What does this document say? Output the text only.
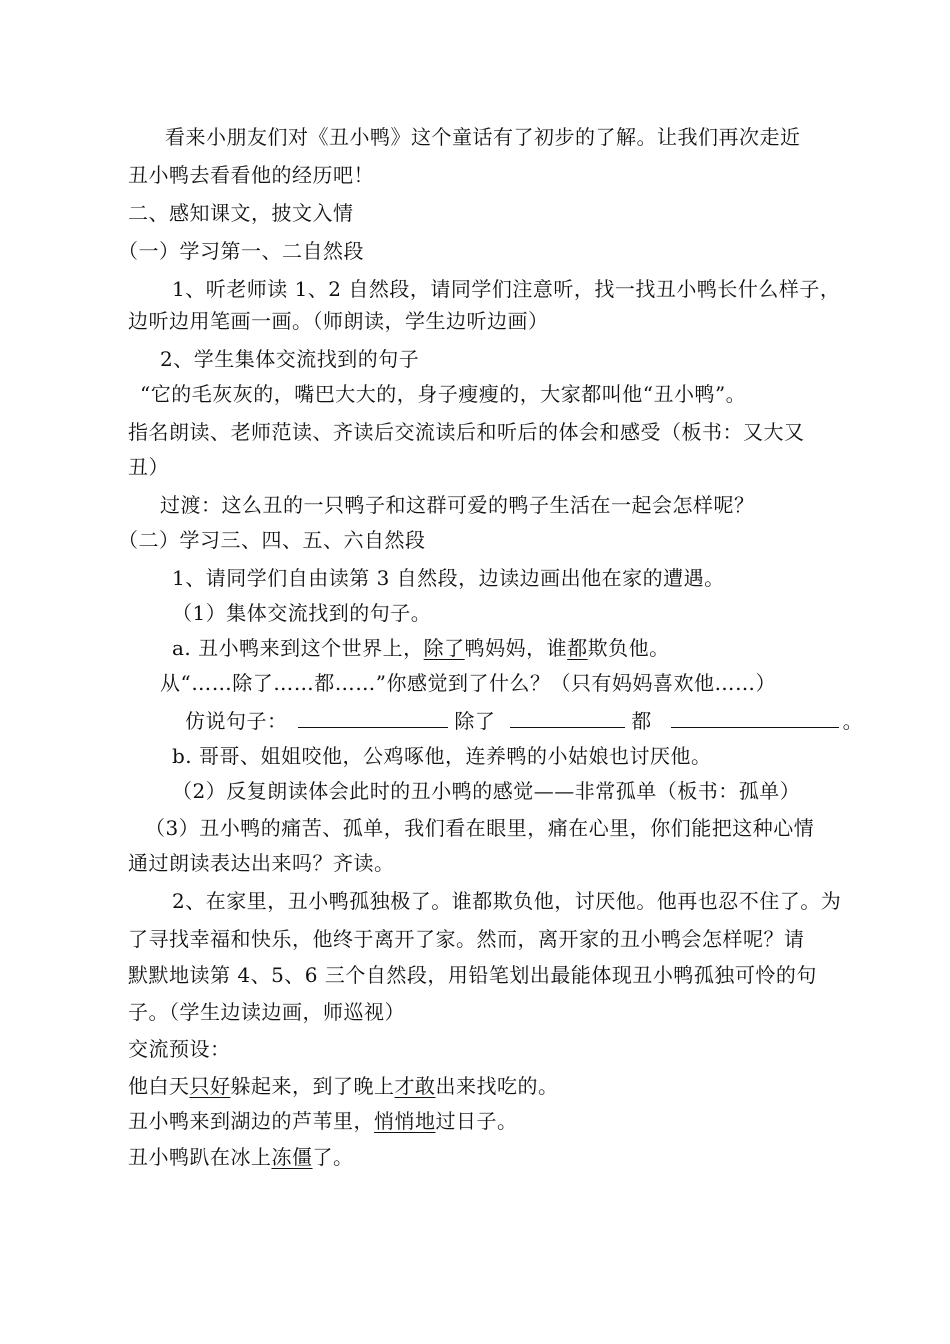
看来小朋友们对《丑小鸭》这个童话有了初步的了解。让我们再次走近
丑小鸭去看看他的经历吧！
二、感知课文，披文入情
（一）学习第一、二自然段
1、听老师读 1、2 自然段，请同学们注意听，找一找丑小鸭长什么样子，
边听边用笔画一画。（师朗读，学生边听边画）
2、学生集体交流找到的句子
“它的毛灰灰的，嘴巴大大的，身子瘦瘦的，大家都叫他“丑小鸭”。
指名朗读、老师范读、齐读后交流读后和听后的体会和感受（板书：又大又
丑）
过渡：这么丑的一只鸭子和这群可爱的鸭子生活在一起会怎样呢？
（二）学习三、四、五、六自然段
1、请同学们自由读第 3 自然段，边读边画出他在家的遭遇。
（1）集体交流找到的句子。
a. 丑小鸭来到这个世界上，除了鸭妈妈，谁都欺负他。
从“……除了……都……”你感觉到了什么？（只有妈妈喜欢他……）
仿说句子：	除了	都	。
b. 哥哥、姐姐咬他，公鸡啄他，连养鸭的小姑娘也讨厌他。
（2）反复朗读体会此时的丑小鸭的感觉——非常孤单（板书：孤单）
（3）丑小鸭的痛苦、孤单，我们看在眼里，痛在心里，你们能把这种心情
通过朗读表达出来吗？齐读。
2、在家里，丑小鸭孤独极了。谁都欺负他，讨厌他。他再也忍不住了。为
了寻找幸福和快乐，他终于离开了家。然而，离开家的丑小鸭会怎样呢？请
默默地读第 4、5、6 三个自然段，用铅笔划出最能体现丑小鸭孤独可怜的句
子。（学生边读边画，师巡视）
交流预设：
他白天只好躲起来，到了晚上才敢出来找吃的。
丑小鸭来到湖边的芦苇里，悄悄地过日子。
丑小鸭趴在冰上冻僵了。
